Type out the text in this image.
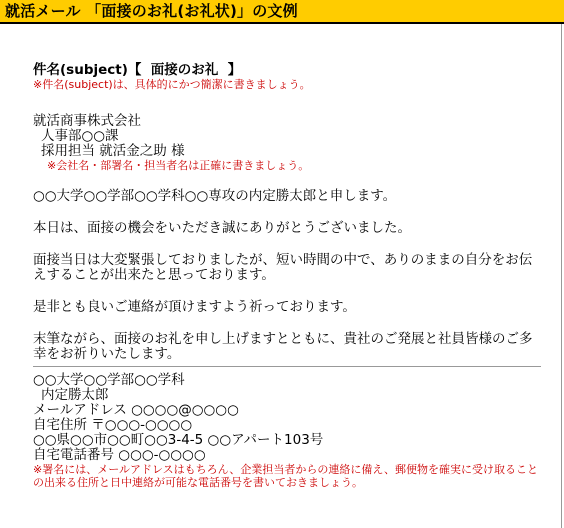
就活メール 「面接のお礼(お礼状)」の文例
件名(subject)【  面接のお礼  】
※件名(subject)は、具体的にかつ簡潔に書きましょう。
就活商事株式会社
人事部○○課
採用担当 就活金之助 様
※会社名・部署名・担当者名は正確に書きましょう。
○○大学○○学部○○学科○○専攻の内定勝太郎と申します。
本日は、面接の機会をいただき誠にありがとうございました。
面接当日は大変緊張しておりましたが、短い時間の中で、ありのままの自分をお伝えすることが出来たと思っております。
是非とも良いご連絡が頂けますよう祈っております。
末筆ながら、面接のお礼を申し上げますとともに、貴社のご発展と社員皆様のご多幸をお祈りいたします。
○○大学○○学部○○学科
内定勝太郎
メールアドレス ○○○○@○○○○
自宅住所 〒○○○-○○○○
○○県○○市○○町○○3-4-5 ○○アパート103号
自宅電話番号 ○○○-○○○○
※署名には、メールアドレスはもちろん、企業担当者からの連絡に備え、郵便物を確実に受け取ることの出来る住所と日中連絡が可能な電話番号を書いておきましょう。
